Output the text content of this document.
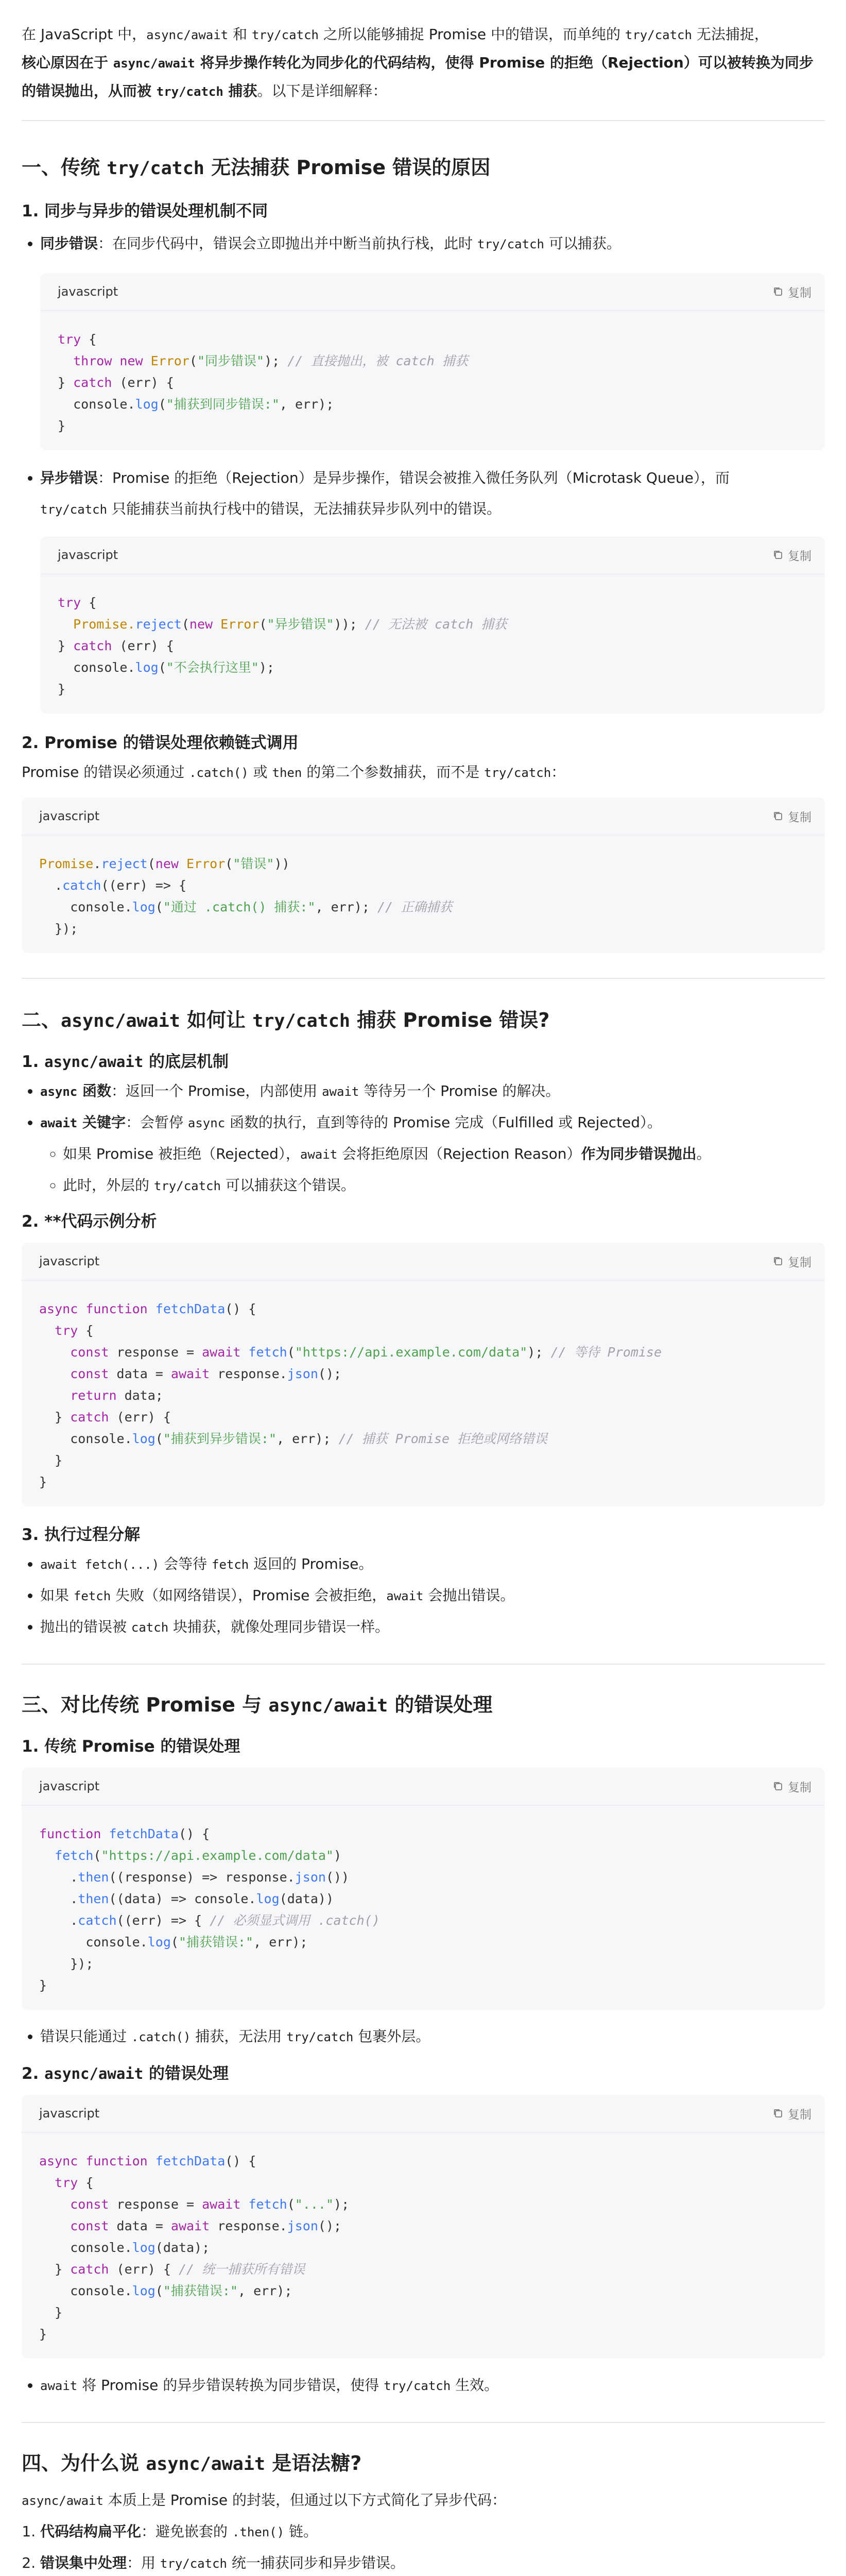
在 JavaScript 中，async/await 和 try/catch 之所以能够捕捉 Promise 中的错误，而单纯的 try/catch 无法捕捉，
核心原因在于 async/await 将异步操作转化为同步化的代码结构，使得 Promise 的拒绝（Rejection）可以被转换为同步的错误抛出，从而被 try/catch 捕获。以下是详细解释：

一、传统 try/catch 无法捕获 Promise 错误的原因
1. 同步与异步的错误处理机制不同
• 同步错误：在同步代码中，错误会立即抛出并中断当前执行栈，此时 try/catch 可以捕获。
javascript	复制
try {
throw new Error("同步错误"); // 直接抛出，被 catch 捕获
} catch (err) {
console.log("捕获到同步错误:", err);
}
• 异步错误：Promise 的拒绝（Rejection）是异步操作，错误会被推入微任务队列（Microtask Queue），而
try/catch 只能捕获当前执行栈中的错误，无法捕获异步队列中的错误。
javascript	复制
try {
Promise.reject(new Error("异步错误")); // 无法被 catch 捕获
} catch (err) {
console.log("不会执行这里");
}
2. Promise 的错误处理依赖链式调用

Promise 的错误必须通过 .catch() 或 then 的第二个参数捕获，而不是 try/catch：

javascript	复制
Promise.reject(new Error("错误"))
.catch((err) => {
console.log("通过 .catch() 捕获:", err); // 正确捕获
});
二、async/await 如何让 try/catch 捕获 Promise 错误?
1. async/await 的底层机制
• async 函数：返回一个 Promise，内部使用 await 等待另一个 Promise 的解决。
• await 关键字：会暂停 async 函数的执行，直到等待的 Promise 完成（Fulfilled 或 Rejected）。
◦ 如果 Promise 被拒绝（Rejected），await 会将拒绝原因（Rejection Reason）作为同步错误抛出。
◦ 此时，外层的 try/catch 可以捕获这个错误。
2. **代码示例分析
javascript	复制
async function fetchData() {
try {
const response = await fetch("https://api.example.com/data"); // 等待 Promise
const data = await response.json();
return data;
} catch (err) {
console.log("捕获到异步错误:", err); // 捕获 Promise 拒绝或网络错误
}
}
3. 执行过程分解
• await fetch(...) 会等待 fetch 返回的 Promise。
• 如果 fetch 失败（如网络错误），Promise 会被拒绝，await 会抛出错误。
• 抛出的错误被 catch 块捕获，就像处理同步错误一样。
三、对比传统 Promise 与 async/await 的错误处理
1. 传统 Promise 的错误处理
javascript	复制
function fetchData() {
fetch("https://api.example.com/data")
.then((response) => response.json())
.then((data) => console.log(data))
.catch((err) => { // 必须显式调用 .catch()
console.log("捕获错误:", err);
});
}
• 错误只能通过 .catch() 捕获，无法用 try/catch 包裹外层。
2. async/await 的错误处理
javascript	复制
async function fetchData() {
try {
const response = await fetch("...");
const data = await response.json();
console.log(data);
} catch (err) { // 统一捕获所有错误
console.log("捕获错误:", err);
}
}
• await 将 Promise 的异步错误转换为同步错误，使得 try/catch 生效。
四、为什么说 async/await 是语法糖?

async/await 本质上是 Promise 的封装，但通过以下方式简化了异步代码：

1. 代码结构扁平化：避免嵌套的 .then() 链。
2. 错误集中处理：用 try/catch 统一捕获同步和异步错误。
